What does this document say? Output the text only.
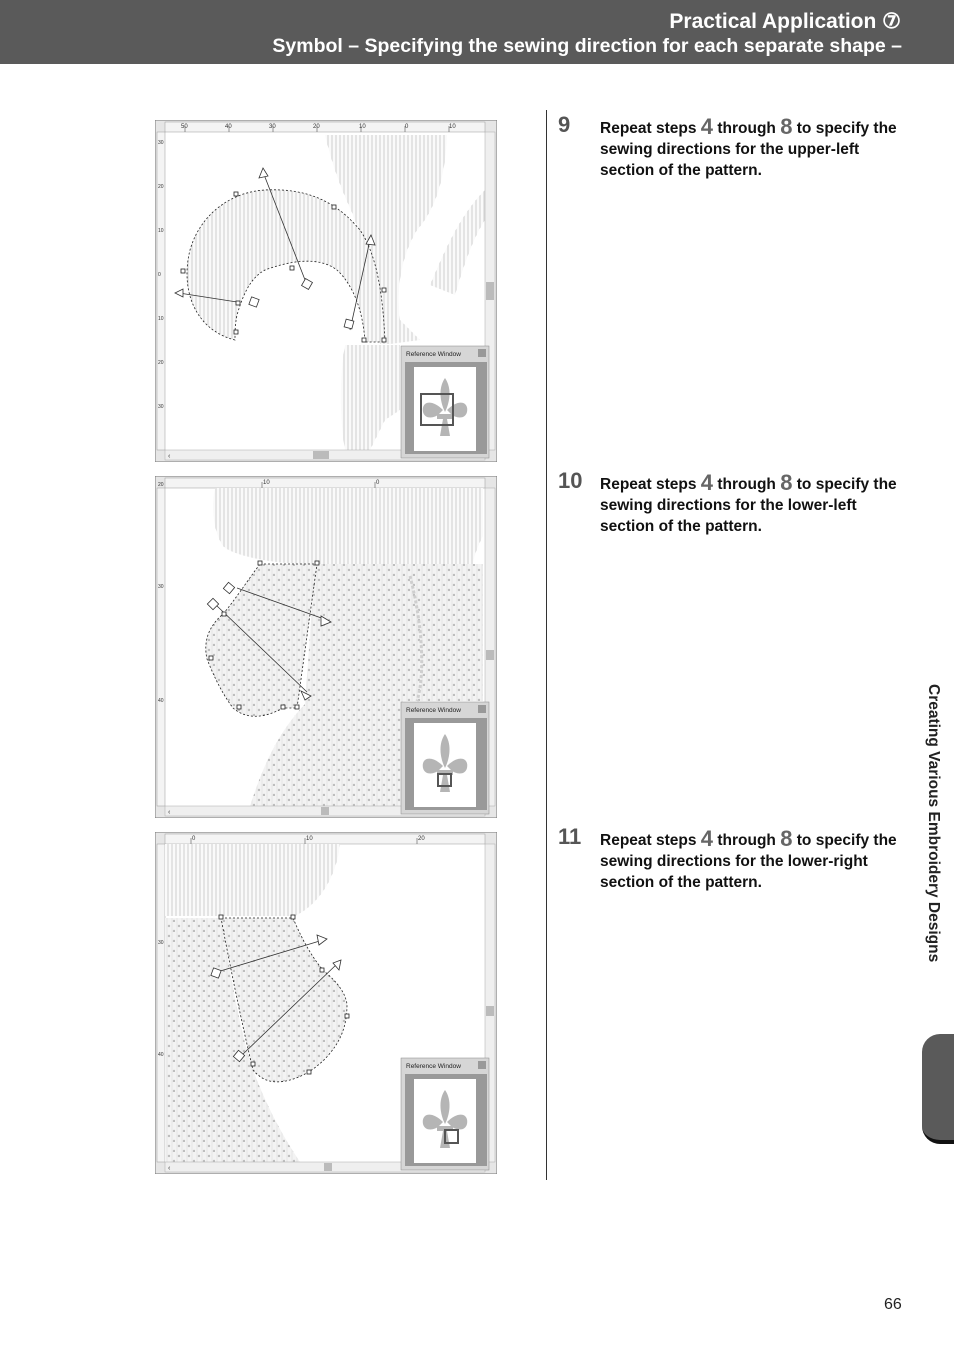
Practical Application ⑦
Symbol – Specifying the sewing direction for each separate shape –
50	40	30	20	10	0	10
30
20
10
0
10
20
30
‹
Reference Window
10	0
20
30
40
‹
Reference Window
0	10	20
30
40
‹
Reference Window
9 Repeat steps 4 through 8 to specify the sewing directions for the upper-left section of the pattern.
10 Repeat steps 4 through 8 to specify the sewing directions for the lower-left section of the pattern.
11 Repeat steps 4 through 8 to specify the sewing directions for the lower-right section of the pattern.	Creating Various Embroidery Designs
66
